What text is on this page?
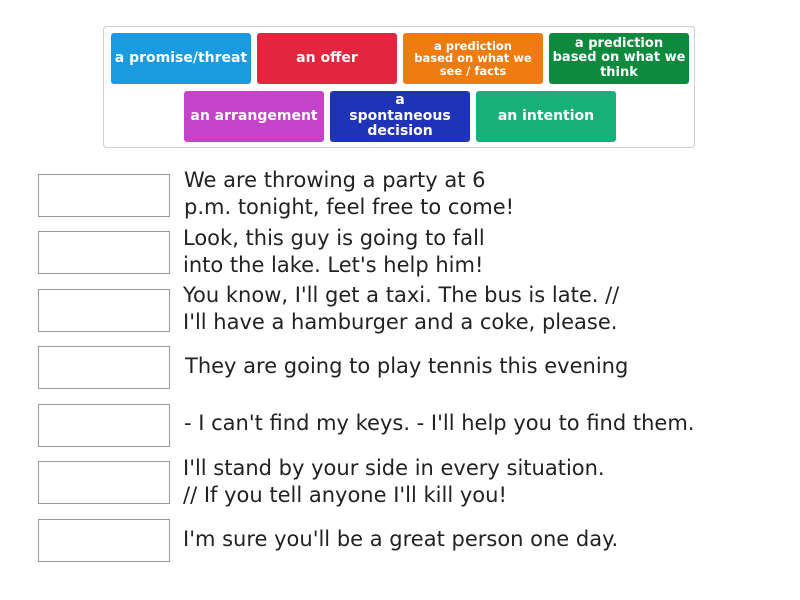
a promise/threat	an offer
a prediction based on what we see / facts
a prediction based on what we think
an arrangement
a spontaneous decision
an intention
We are throwing a party at 6
p.m. tonight, feel free to come!
Look, this guy is going to fall
into the lake. Let's help him!
You know, I'll get a taxi. The bus is late. //
I'll have a hamburger and a coke, please.
They are going to play tennis this evening
- I can't find my keys. - I'll help you to find them.
I'll stand by your side in every situation.
// If you tell anyone I'll kill you!
I'm sure you'll be a great person one day.
